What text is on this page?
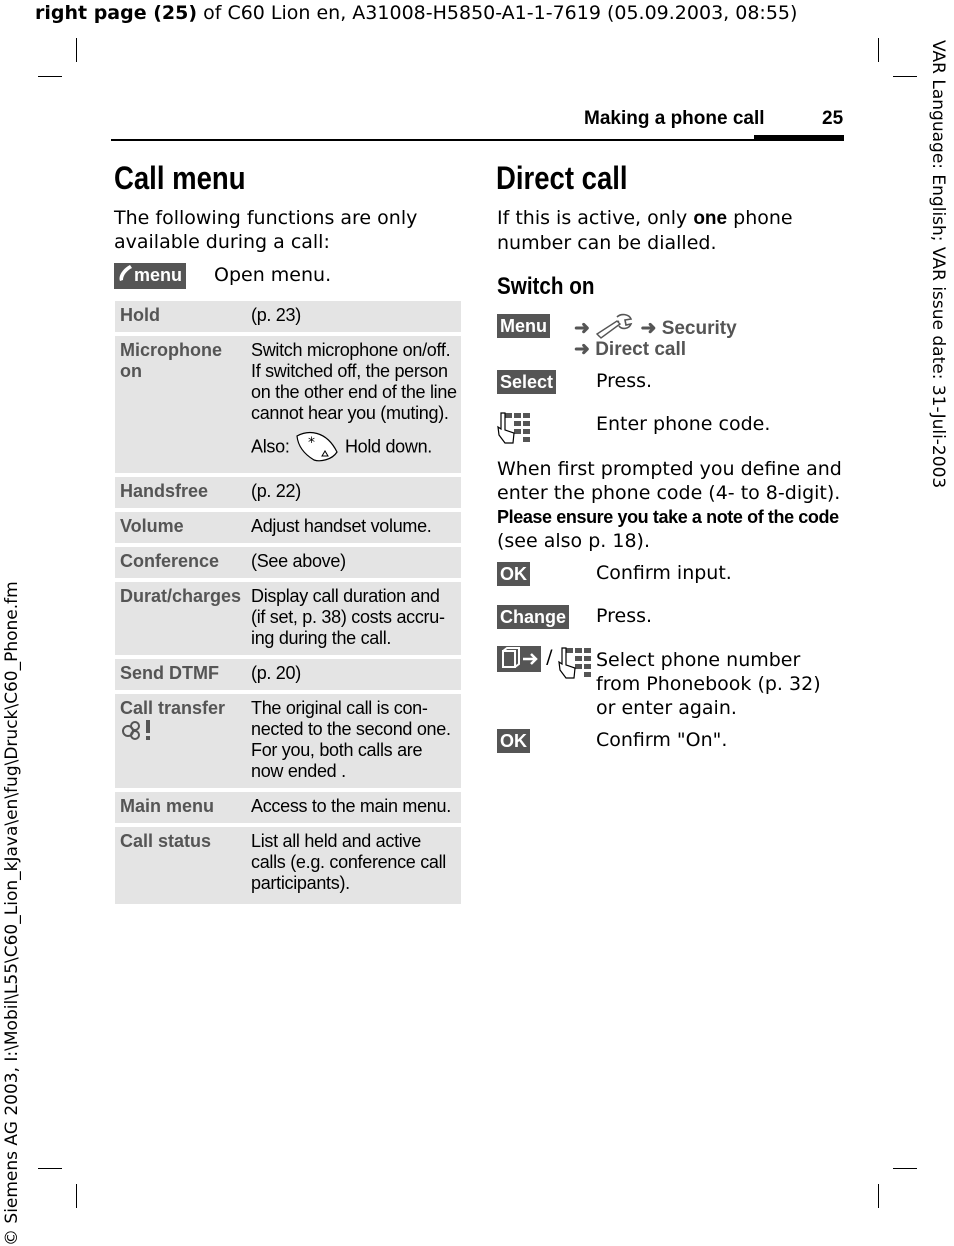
right page (25) of C60 Lion en, A31008-H5850-A1-1-7619 (05.09.2003, 08:55)
VAR Language: English; VAR issue date: 31-Juli-2003
© Siemens AG 2003, I:\Mobil\L55\C60_Lion_kJava\en\fug\Druck\C60_Phone.fm
Making a phone call	25
Call menu
The following functions are only available during a call:
menu Open menu.
Hold	(p. 23)
Microphone on	Switch microphone on/off. If switched off, the person on the other end of the line cannot hear you (muting).
Also: * Hold down.

Handsfree	(p. 22)
Volume	Adjust handset volume.
Conference	(See above)
Durat/charges	Display call duration and (if set, p. 38) costs accru-ing during the call.
Send DTMF	(p. 20)

Call transfer	The original call is con-nected to the second one. For you, both calls are now ended .
Main menu	Access to the main menu.
Call status	List all held and active calls (e.g. conference call participants).
Direct call
If this is active, only one phone number can be dialled.
Switch on
Menu ➜	➜ Security
➜ Direct call
Select Press.
Enter phone code.
When first prompted you define and enter the phone code (4- to 8-digit).
Please ensure you take a note of the code
(see also p. 18).
OK	Confirm input.
Change Press.
/	Select phone number from Phonebook (p. 32) or enter again.
OK	Confirm "On".
